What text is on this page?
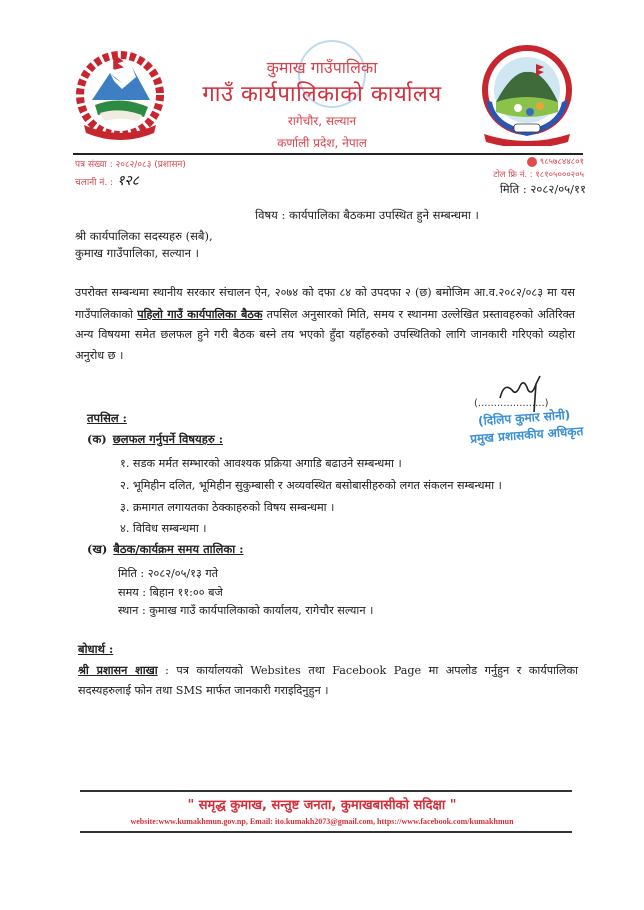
कुमाख गाउँपालिका
गाउँ कार्यपालिकाको कार्यालय
रागेचौर, सल्यान
कर्णाली प्रदेश, नेपाल
पत्र संख्या : २०८२/०८३ (प्रशासन)
चलानी नं. : १२८
९८५७८४४८०१
टोल फ्रि नं. : १८१०५०००२०५
मिति : २०८२/०५/११
विषय : कार्यपालिका बैठकमा उपस्थित हुने सम्बन्धमा ।
श्री कार्यपालिका सदस्यहरु (सबै),
कुमाख गाउँपालिका, सल्यान ।
उपरोक्त सम्बन्धमा स्थानीय सरकार संचालन ऐन, २०७४ को दफा ८४ को उपदफा २ (छ) बमोजिम आ.व.२०८२/०८३ मा यस गाउँपालिकाको पहिलो गाउँ कार्यपालिका बैठक तपसिल अनुसारको मिति, समय र स्थानमा उल्लेखित प्रस्तावहरुको अतिरिक्त अन्य विषयमा समेत छलफल हुने गरी बैठक बस्ने तय भएको हुँदा यहाँहरुको उपस्थितिको लागि जानकारी गरिएको व्यहोरा अनुरोध छ ।
(.....................)
(दिलिप कुमार सोनी)
प्रमुख प्रशासकीय अधिकृत
तपसिल :
(क) छलफल गर्नुपर्ने विषयहरु :
१. सडक मर्मत सम्भारको आवश्यक प्रक्रिया अगाडि बढाउने सम्बन्धमा ।
२. भूमिहीन दलित, भूमिहीन सुकुम्बासी र अव्यवस्थित बसोबासीहरुको लगत संकलन सम्बन्धमा ।
३. क्रमागत लगायतका ठेक्काहरुको विषय सम्बन्धमा ।
४. विविध सम्बन्धमा ।
(ख) बैठक/कार्यक्रम समय तालिका :
मिति : २०८२/०५/१३ गते
समय : बिहान ११:०० बजे
स्थान : कुमाख गाउँ कार्यपालिकाको कार्यालय, रागेचौर सल्यान ।
बोधार्थ :
श्री प्रशासन शाखा : पत्र कार्यालयको Websites तथा Facebook Page मा अपलोड गर्नुहुन र कार्यपालिका सदस्यहरुलाई फोन तथा SMS मार्फत जानकारी गराइदिनुहुन ।
" समृद्ध कुमाख, सन्तुष्ट जनता, कुमाखबासीको सदिक्षा "
website:www.kumakhmun.gov.np, Email: ito.kumakh2073@gmail.com, https://www.facebook.com/kumakhmun
